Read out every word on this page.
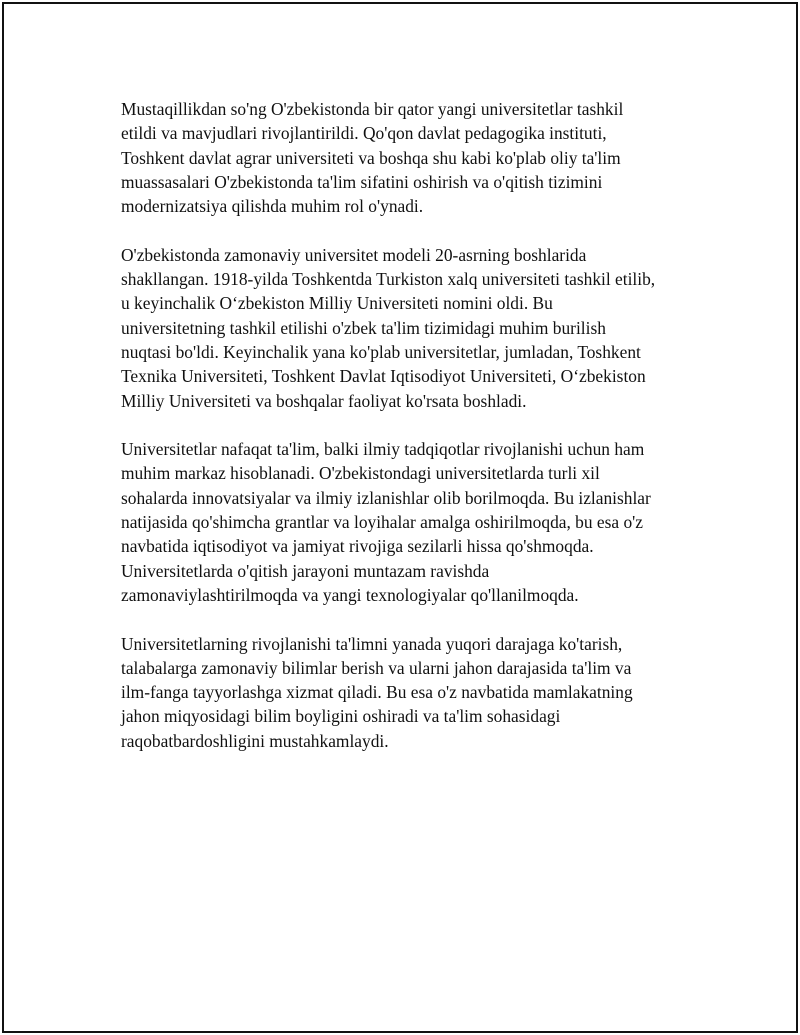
Mustaqillikdan so'ng O'zbekistonda bir qator yangi universitetlar tashkil
etildi va mavjudlari rivojlantirildi. Qo'qon davlat pedagogika instituti,
Toshkent davlat agrar universiteti va boshqa shu kabi ko'plab oliy ta'lim
muassasalari O'zbekistonda ta'lim sifatini oshirish va o'qitish tizimini
modernizatsiya qilishda muhim rol o'ynadi.

O'zbekistonda zamonaviy universitet modeli 20-asrning boshlarida
shakllangan. 1918-yilda Toshkentda Turkiston xalq universiteti tashkil etilib,
u keyinchalik O‘zbekiston Milliy Universiteti nomini oldi. Bu
universitetning tashkil etilishi o'zbek ta'lim tizimidagi muhim burilish
nuqtasi bo'ldi. Keyinchalik yana ko'plab universitetlar, jumladan, Toshkent
Texnika Universiteti, Toshkent Davlat Iqtisodiyot Universiteti, O‘zbekiston
Milliy Universiteti va boshqalar faoliyat ko'rsata boshladi.

Universitetlar nafaqat ta'lim, balki ilmiy tadqiqotlar rivojlanishi uchun ham
muhim markaz hisoblanadi. O'zbekistondagi universitetlarda turli xil
sohalarda innovatsiyalar va ilmiy izlanishlar olib borilmoqda. Bu izlanishlar
natijasida qo'shimcha grantlar va loyihalar amalga oshirilmoqda, bu esa o'z
navbatida iqtisodiyot va jamiyat rivojiga sezilarli hissa qo'shmoqda.
Universitetlarda o'qitish jarayoni muntazam ravishda
zamonaviylashtirilmoqda va yangi texnologiyalar qo'llanilmoqda.

Universitetlarning rivojlanishi ta'limni yanada yuqori darajaga ko'tarish,
talabalarga zamonaviy bilimlar berish va ularni jahon darajasida ta'lim va
ilm-fanga tayyorlashga xizmat qiladi. Bu esa o'z navbatida mamlakatning
jahon miqyosidagi bilim boyligini oshiradi va ta'lim sohasidagi
raqobatbardoshligini mustahkamlaydi.
